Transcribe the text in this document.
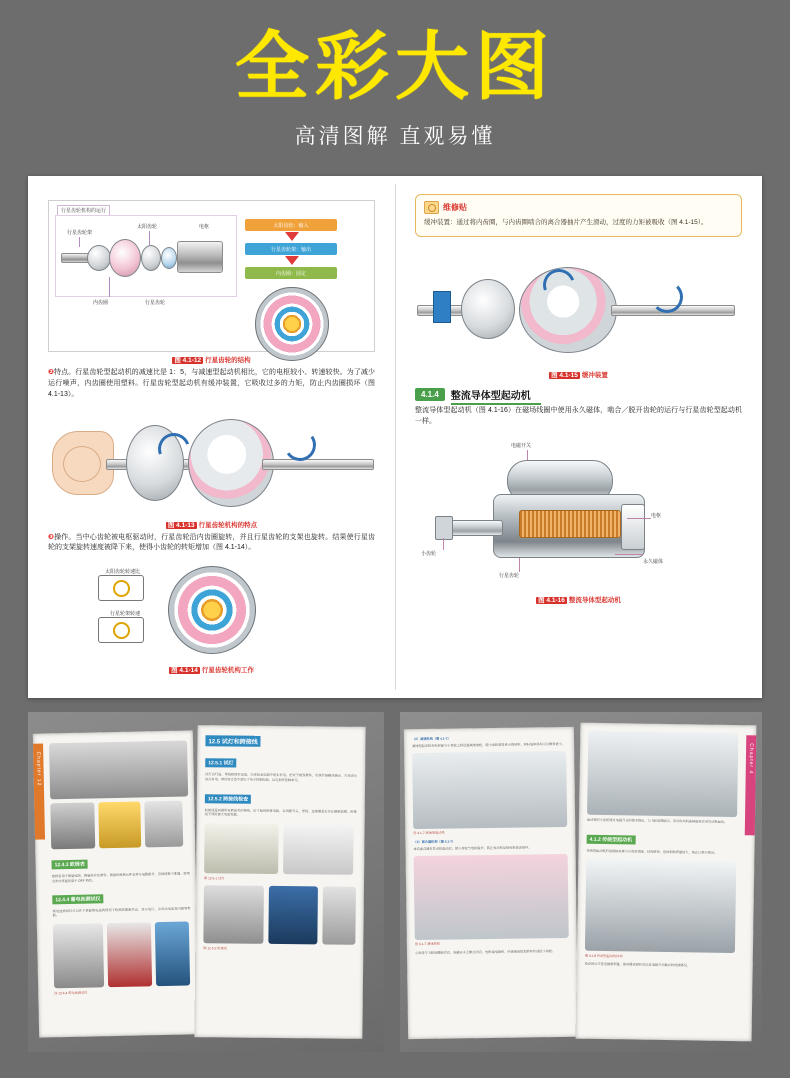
全彩大图
高清图解 直观易懂
行星齿轮机构的运行
行星齿轮架
太阳齿轮	电枢
内齿圈	行星齿轮
太阳齿轮：输入
行星齿轮架：输出
内齿圈：固定
图 4.1-12 行星齿轮的结构
❷特点。行星齿轮型起动机的减速比是 1：5，与减速型起动机相比，它的电枢较小、转速较快。为了减少运行噪声，内齿圈使用塑料。行星齿轮型起动机有缓冲装置，它吸收过多的力矩，防止内齿圈损坏（图 4.1-13）。
图 4.1-13 行星齿轮机构的特点
❸操作。当中心齿轮被电枢驱动时，行星齿轮沿内齿圈旋转，并且行星齿轮的支架也旋转。结果使行星齿轮的支架旋转速度被降下来，使得小齿轮的转矩增加（图 4.1-14）。
太阳齿轮转速比
行星轮架转速
图 4.1-14 行星齿轮机构工作
维修贴
缓冲装置：通过将内齿圈，与内齿圈啮合的离合器抽片产生滑动，过度的力矩被吸收（图 4.1-15）。
图 4.1-15 缓冲装置
4.1.4	整流导体型起动机
整流导体型起动机（图 4.1-16）在磁场线圈中使用永久磁体，啮合／脱开齿轮的运行与行星齿轮型起动机一样。
电磁开关
小齿轮
电枢
永久磁体
行星齿轮
图 4.1-16 整流导体型起动机
Chapter 12
12.4.3 欧姆表
欧姆表用于测量电阻，测量前应先调零。测量时被测元件必须与电路断开，否则读数不准确。使用完毕应将旋钮置于 OFF 档位。
12.4.4 蓄电池测试仪
蓄电池测试仪可以在不拆卸蓄电池的情况下检测其健康状态，显示电压、冷启动电流及内阻等参数。
图 12.4-4 蓄电池测试仪
12.5 试灯和跨接线
12.5.1 试灯
试灯由灯泡、导线和探针组成，用来检查电路中是否有电。把夹子接到搭铁，用探针接触待测点，灯亮表示该点有电。使用时注意不要用于电子控制电路，以免损坏控制单元。
12.5.2 跨接线检查
跨接线是两端带有鳄鱼夹的导线，用于临时跨接电路，以判断开关、导线、连接器是否存在断路故障。跨接线不得跨接大电流负载。
图 12.5-1 试灯
图 12.5-2 跨接线
（2）减速机构（图 4.1-7）
减速型起动机在电枢轴与小齿轮之间设置减速齿轮，使小齿轮获得更大的转矩，同时电枢体积可以做得更小。
图 4.1-7 减速型起动机
（3）离合器机构（图 4.1-7）
单向离合器在发动机起动后，使小齿轮与电枢脱开，防止发动机反拖电枢造成损坏。
图 4.1-7 减速机构
小齿轮与飞轮齿圈啮合后，电磁开关主触点闭合，电枢通电旋转，经减速齿轮把转矩传递给小齿轮。
Chapter 4
起动机的小齿轮通过电磁开关的拨叉推出，与飞轮齿圈啮合，带动发动机曲轴旋转直至发动机起动。
4.1.2 传统型起动机
传统型起动机的电枢轴直接与小齿轮相连，结构简单，但体积和质量较大，现在已很少使用。
图 4.1-8 传统型起动机结构
检查时应注意电刷磨损量、换向器表面状况以及电磁开关触点的烧蚀情况。
